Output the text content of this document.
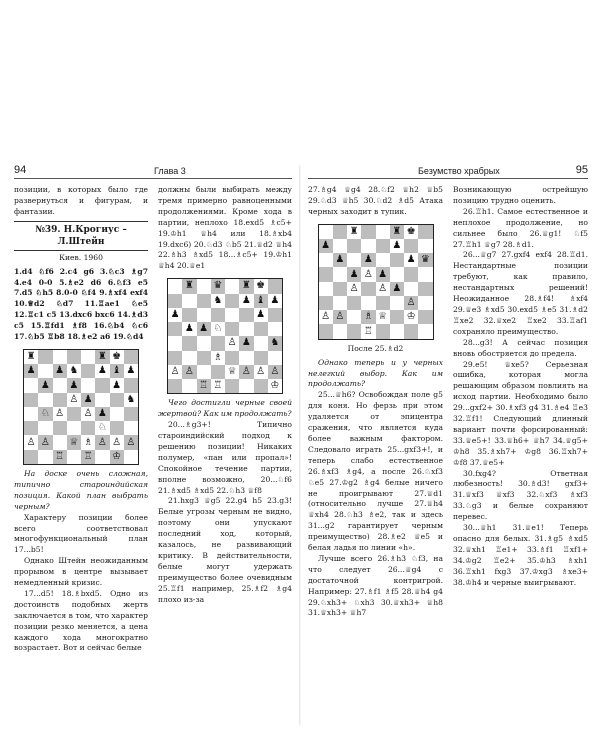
94	Глава 3

позиции, в которых было где развернуться и фигурам, и фантазии.

№39. Н.Крогиус – Л.Штейн
Киев. 1960

1.d4 ♘f6 2.c4 g6 3.♘c3 ♗g7 4.e4 0-0 5.♗e2 d6 6.♘f3 e5 7.d5 ♘h5 8.0-0 ♘f4 9.♗xf4 exf4 10.♕d2 ♘d7 11.♖ae1 ♘e5 12.♖c1 c5 13.dxc6 bxc6 14.♗d3 c5 15.♖fd1 ♗f8 16.♘b4 ♘c6 17.♘b5 ♖b8 18.♗e2 a6 19.♘d4

♜	♜ ♚
♟ ♟ ♞ ♟ ♝ ♟
♟ ♟	♟
♙ ♟	♞
♘ ♙ ♙ ♟
♘
♙ ♙ ♕ ♗ ♙ ♙ ♙
♖ ♖ ♔

На доске очень сложная, типично староиндийская позиция. Какой план выбрать черным?

Характеру позиции более всего соответствовал многофункциональный план 17...b5!

Однако Штейн неожиданным прорывом в центре вызывает немедленный кризис.

17...d5! 18.♗bxd5. Одно из достоинств подобных жертв заключается в том, что характер позиции резко меняется, а цена каждого хода многократно возрастает. Вот и сейчас белые

должны были выбирать между тремя примерно равноценными продолжениями. Кроме хода в партии, неплохо 18.exd5 ♗c5+ 19.♔h1 ♕h4 или 18.♗xb4 19.dxc6) 20.♘d3 ♘b5 21.♕d2 ♕h4 22.♗h3 ♗xd5 18...♗c5+ 19.♔h1 ♕h4 20.♕e1

♜ ♛ ♜ ♚
♞ ♟ ♝ ♟
♟	♟
♟ ♟ ♘
♙ ♟ ♞
♗
♙ ♙	♕ ♙ ♙ ♙
♖ ♖	♔

Чего достигли черные своей жертвой? Как им продолжать?

20...♗g3+! Типично староиндийский подход к решению позиции! Никаких полумер, «пан или пропал»! Спокойное течение партии, вполне возможно, 20...♘f6 21.♗xd5 ♗xd5 22.♘h3 ♕f8

21.hxg3 ♕g5 22.g4 h5 23.g3! Белые угрозы черным не видно, поэтому они упускают последний ход, который, казалось, не развивающий критику. В действительности, белые могут удержать преимущество более очевидным 25.♖f1 например, 25.♗f2 ♗g4 плохо из-за

Безумство храбрых	95

27.♗g4 ♕g4 28.♘f2 ♕h2 ♕b5 29.♘d3 ♕h5 30.♘d2 ♗d5 Атака черных заходит в тупик.

♜	♜ ♚
♟	♟
♟ ♟	♟ ♛
♟ ♙ ♟
♙ ♙ ♟
♙
♙ ♙ ♗ ♕ ♔
♖
После 25.♗d2

Однако теперь и у черных нелегкий выбор. Как им продолжать?

25...♕h6? Освобождая поле g5 для коня. Но ферзь при этом удаляется от эпицентра сражения, что является куда более важным фактором. Следовало играть 25...gxf3+!, и теперь слабо естественное 26.♗xf3 ♗g4, а после 26.♘xf3 ♘e5 27.♔g2 ♗g4 белые ничего не проигрывают 27.♕d1 (относительно лучше 27.♕h4 ♕xh4 28.♘h3 ♗e2, так и здесь 31...g2 гарантирует черным преимущество) 28.♗e2 ♕e5 и белая ладья по линии «h».

Лучше всего 26.♗h3 ♘f3, на что следует 26...♕g4 с достаточной контригрой. Например: 27.♗f1 ♗f5 28.♕h4 g4 29.♘xh3+ ♘xh3 30.♕xh3+ ♕h8 31.♕xh3+ ♕h7

Возникающую острейшую позицию трудно оценить.

26.♖h1. Самое естественное и неплохое продолжение, но сильнее было 26.♕g1! ♘f5 27.♖h1 ♕g7 28.♗d1.

26...♕g7 27.gxf4 exf4 28.♖d1. Нестандартные позиции требуют, как правило, нестандартных решений! Неожиданное 28.♗f4! ♗xf4 29.♕e3 ♗xd5 30.exd5 ♗e5 31.♗d2 ♖xe2 32.♕xe2 ♖xe2 33.♖af1 сохраняло преимущество.

28...g3! А сейчас позиция вновь обостряется до предела.

29.e5! ♕xe5? Серьезная ошибка, которая могла решающим образом повлиять на исход партии. Необходимо было 29...gxf2+ 30.♗xf3 g4 31.♗e4 ♖e3 32.♖f1! Следующий длинный вариант почти форсированный: 33.♕e5+! 33.♕h6+ ♕h7 34.♕g5+ ♔h8 35.♗xh7+ ♔g8 36.♖xh7+ ♔f8 37.♕e5+

30.fxg4? Ответная любезность! 30.♗d3! gxf3+ 31.♕xf3 ♕xf3 32.♘xf3 ♗xf3 33.♘g3 и белые сохраняют перевес.

30...♕h1 31.♕e1! Теперь опасно для белых. 31.♗g5 ♗xd5 32.♕xh1 ♖e1+ 33.♗f1 ♖xf1+ 34.♔g2 ♖e2+ 35.♔h3 ♗xh1 36.♖xh1 fxg3 37.♔xg3 ♗xe3+ 38.♔h4 и черные выигрывают.
